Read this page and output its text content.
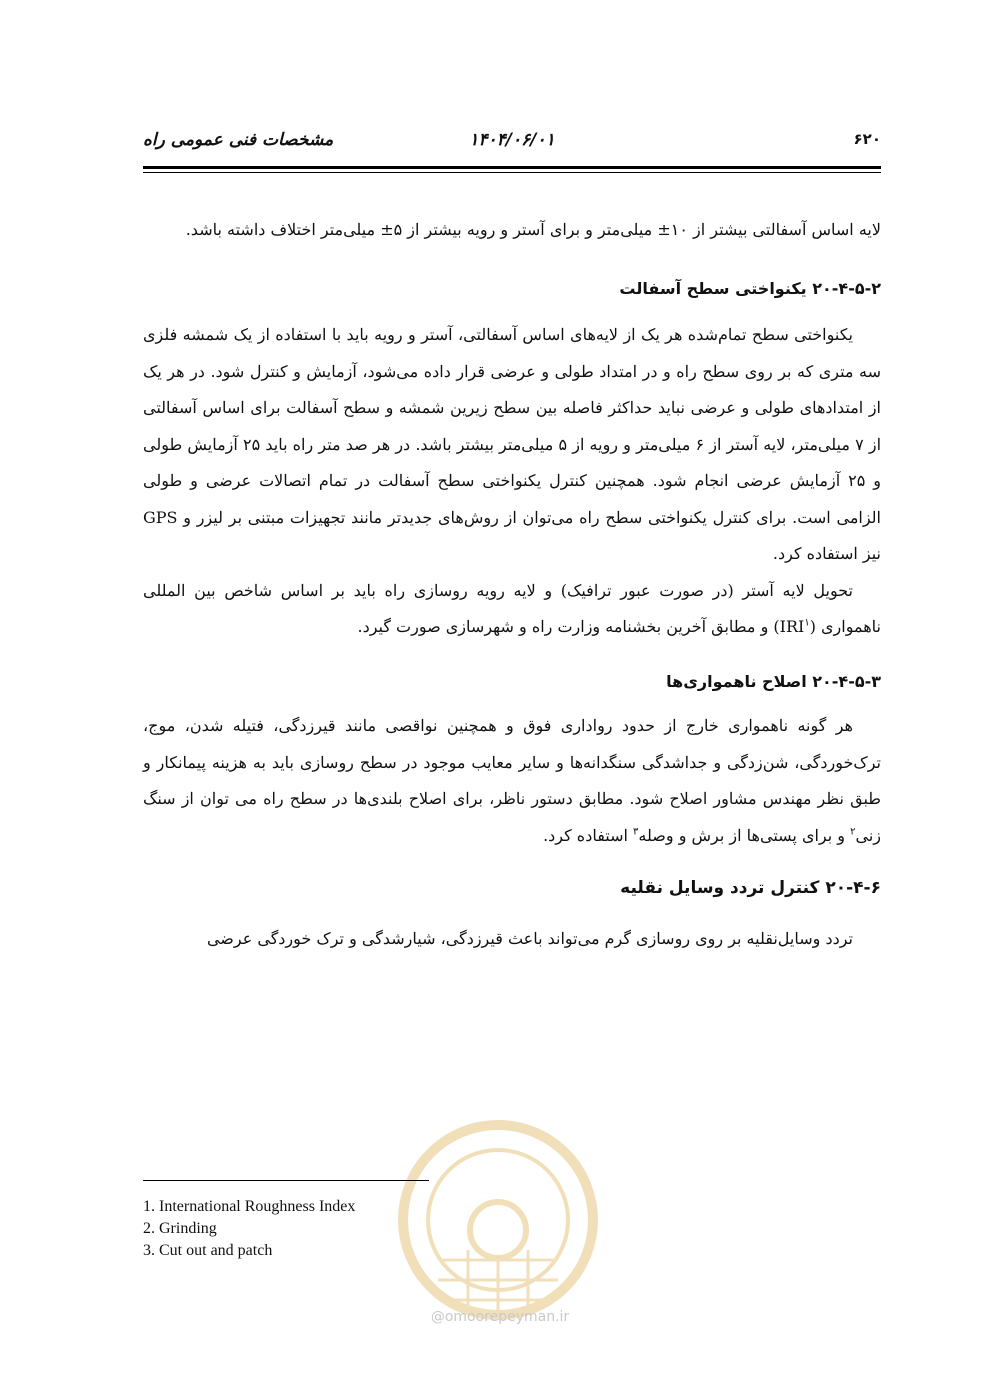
۶۲۰
۱۴۰۴/۰۶/۰۱
مشخصات فنی عمومی راه

لایه اساس آسفالتی بیشتر از ۱۰± میلی‌متر و برای آستر و رویه بیشتر از ۵± میلی‌متر اختلاف داشته باشد.

۲۰-۴-۵-۲ یکنواختی سطح آسفالت

یکنواختی سطح تمام‌شده هر یک از لایه‌های اساس آسفالتی، آستر و رویه باید با استفاده از یک شمشه فلزی سه متری که بر روی سطح راه و در امتداد طولی و عرضی قرار داده می‌شود، آزمایش و کنترل شود. در هر یک از امتدادهای طولی و عرضی نباید حداکثر فاصله بین سطح زیرین شمشه و سطح آسفالت برای اساس آسفالتی از ۷ میلی‌متر، لایه آستر از ۶ میلی‌متر و رویه از ۵ میلی‌متر بیشتر باشد. در هر صد متر راه باید ۲۵ آزمایش طولی و ۲۵ آزمایش عرضی انجام شود. همچنین کنترل یکنواختی سطح آسفالت در تمام اتصالات عرضی و طولی الزامی است. برای کنترل یکنواختی سطح راه می‌توان از روش‌های جدیدتر مانند تجهیزات مبتنی بر لیزر و GPS نیز استفاده کرد.

تحویل لایه آستر (در صورت عبور ترافیک) و لایه رویه روسازی راه باید بر اساس شاخص بین المللی ناهمواری (IRI$^۱$) و مطابق آخرین بخشنامه وزارت راه و شهرسازی صورت گیرد.

۲۰-۴-۵-۳ اصلاح ناهمواری‌ها

هر گونه ناهمواری خارج از حدود رواداری فوق و همچنین نواقصی مانند قیرزدگی، فتیله شدن، موج، ترک‌خوردگی، شن‌زدگی و جداشدگی سنگدانه‌ها و سایر معایب موجود در سطح روسازی باید به هزینه پیمانکار و طبق نظر مهندس مشاور اصلاح شود. مطابق دستور ناظر، برای اصلاح بلندی‌ها در سطح راه می توان از سنگ زنی$^۲$ و برای پستی‌ها از برش و وصله$^۳$ استفاده کرد.

۲۰-۴-۶ کنترل تردد وسایل نقلیه

تردد وسایل‌نقلیه بر روی روسازی گرم می‌تواند باعث قیرزدگی، شیارشدگی و ترک خوردگی عرضی

@omoorepeyman.ir
1. International Roughness Index
2. Grinding
3. Cut out and patch
